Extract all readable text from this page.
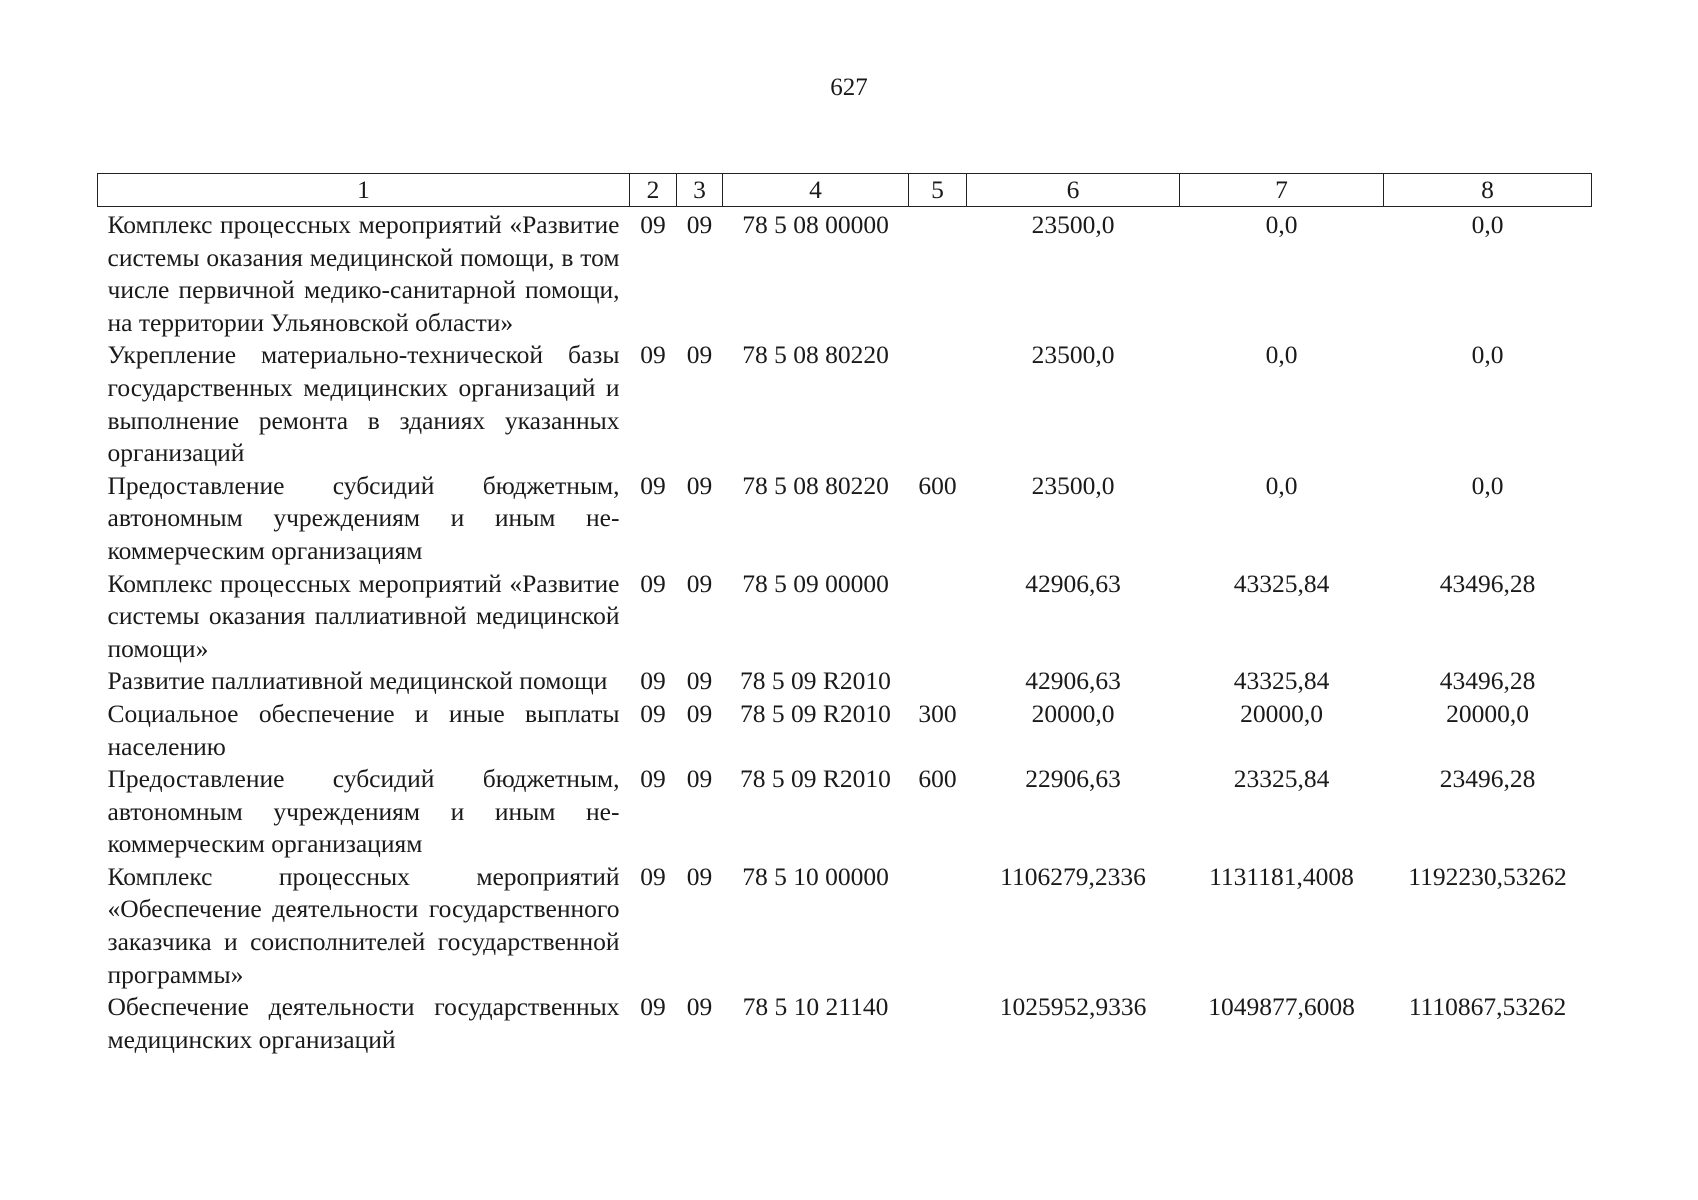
627
1	2	3	4	5	6	7	8
Комплекс процессных мероприятий «Развитие системы оказания медицинской помощи, в том числе первичной медико-санитарной помощи, на территории Ульяновской области»	09	09	78 5 08 00000		23500,0	0,0	0,0
Укрепление материально-технической базы государственных медицинских организаций и выполнение ремонта в зданиях указанных организаций	09	09	78 5 08 80220		23500,0	0,0	0,0
Предоставление субсидий бюджетным, автономным учреждениям и иным некоммерческим организациям	09	09	78 5 08 80220	600	23500,0	0,0	0,0
Комплекс процессных мероприятий «Развитие системы оказания паллиативной медицинской помощи»	09	09	78 5 09 00000		42906,63	43325,84	43496,28
Развитие паллиативной медицинской помощи	09	09	78 5 09 R2010		42906,63	43325,84	43496,28
Социальное обеспечение и иные выплаты населению	09	09	78 5 09 R2010	300	20000,0	20000,0	20000,0
Предоставление субсидий бюджетным, автономным учреждениям и иным некоммерческим организациям	09	09	78 5 09 R2010	600	22906,63	23325,84	23496,28
Комплекс процессных мероприятий «Обеспечение деятельности государственного заказчика и соисполнителей государственной программы»	09	09	78 5 10 00000		1106279,2336	1131181,4008	1192230,53262
Обеспечение деятельности государственных медицинских организаций	09	09	78 5 10 21140		1025952,9336	1049877,6008	1110867,53262
